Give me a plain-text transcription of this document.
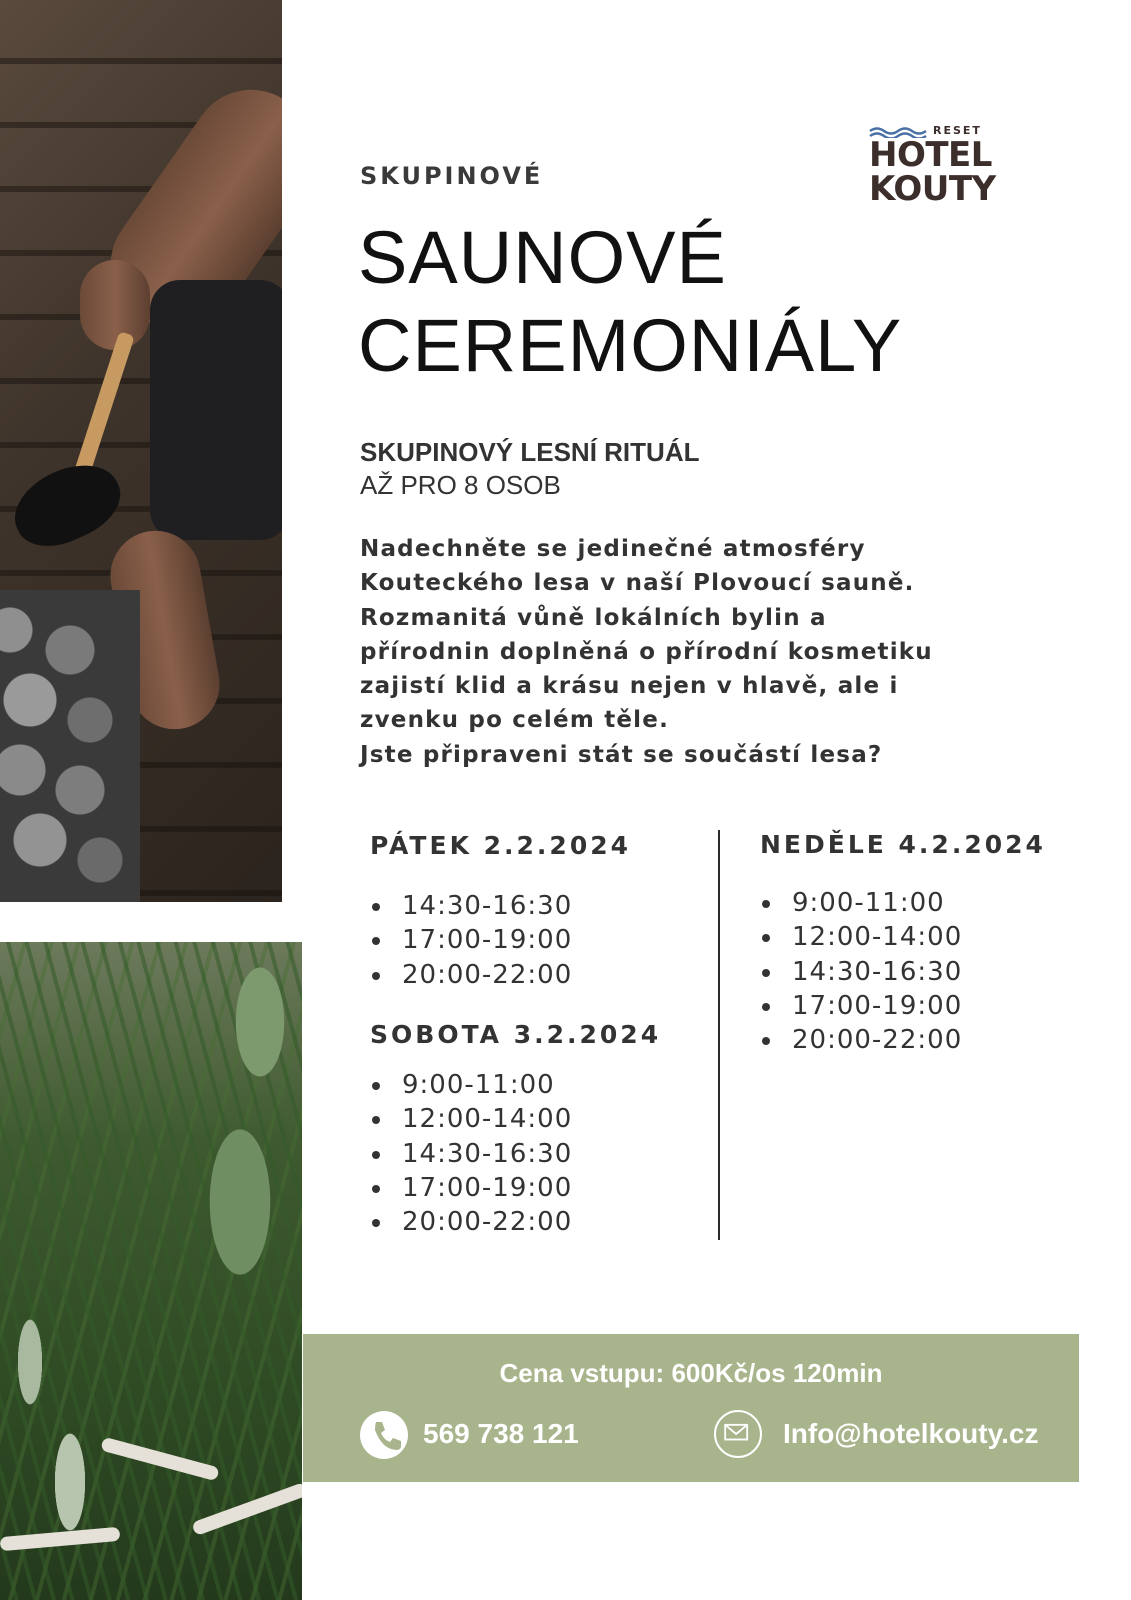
RESET
HOTEL
KOUTY
SKUPINOVÉ
SAUNOVÉ
CEREMONIÁLY
SKUPINOVÝ LESNÍ RITUÁL
AŽ PRO 8 OSOB

Nadechněte se jedinečné atmosféry
Kouteckého lesa v naší Plovoucí sauně.
Rozmanitá vůně lokálních bylin a
přírodnin doplněná o přírodní kosmetiku
zajistí klid a krásu nejen v hlavě, ale i
zvenku po celém těle.
Jste připraveni stát se součástí lesa?

PÁTEK 2.2.2024
• 14:30-16:30
• 17:00-19:00
• 20:00-22:00
SOBOTA 3.2.2024
• 9:00-11:00
• 12:00-14:00
• 14:30-16:30
• 17:00-19:00
• 20:00-22:00
NEDĚLE 4.2.2024
• 9:00-11:00
• 12:00-14:00
• 14:30-16:30
• 17:00-19:00
• 20:00-22:00
Cena vstupu: 600Kč/os 120min
569 738 121	Info@hotelkouty.cz
